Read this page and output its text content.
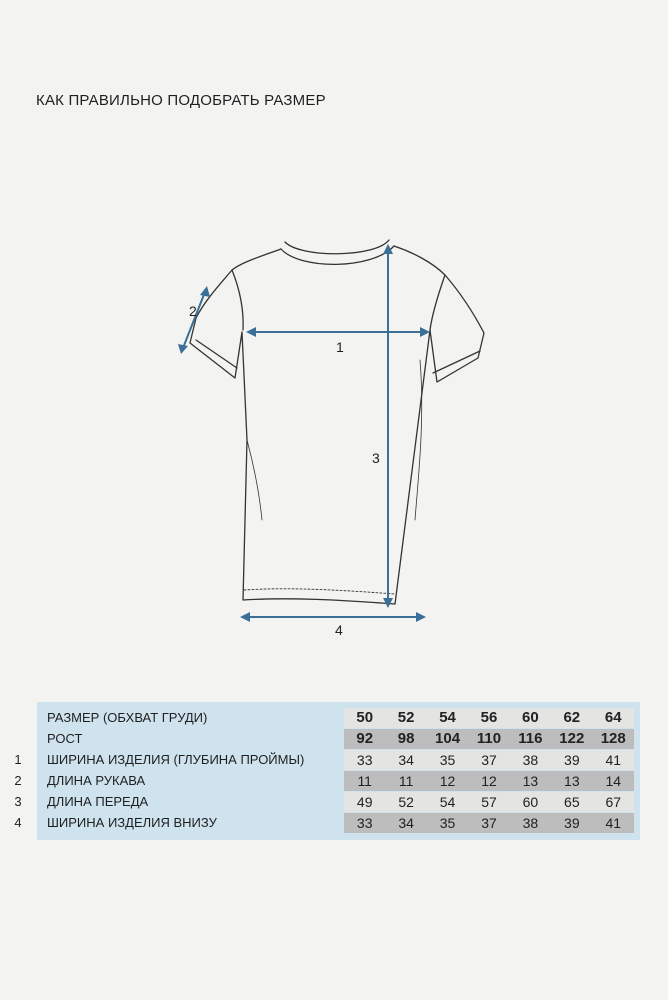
КАК ПРАВИЛЬНО ПОДОБРАТЬ РАЗМЕР
1
2
3
4
РАЗМЕР (ОБХВАТ ГРУДИ)	50	52	54	56	60	62	64
РОСТ	92	98	104	110	116	122	128
1 ШИРИНА ИЗДЕЛИЯ (ГЛУБИНА ПРОЙМЫ)	33	34	35	37	38	39	41
2 ДЛИНА РУКАВА	11	11	12	12	13	13	14
3 ДЛИНА ПЕРЕДА	49	52	54	57	60	65	67
4 ШИРИНА ИЗДЕЛИЯ ВНИЗУ	33	34	35	37	38	39	41
